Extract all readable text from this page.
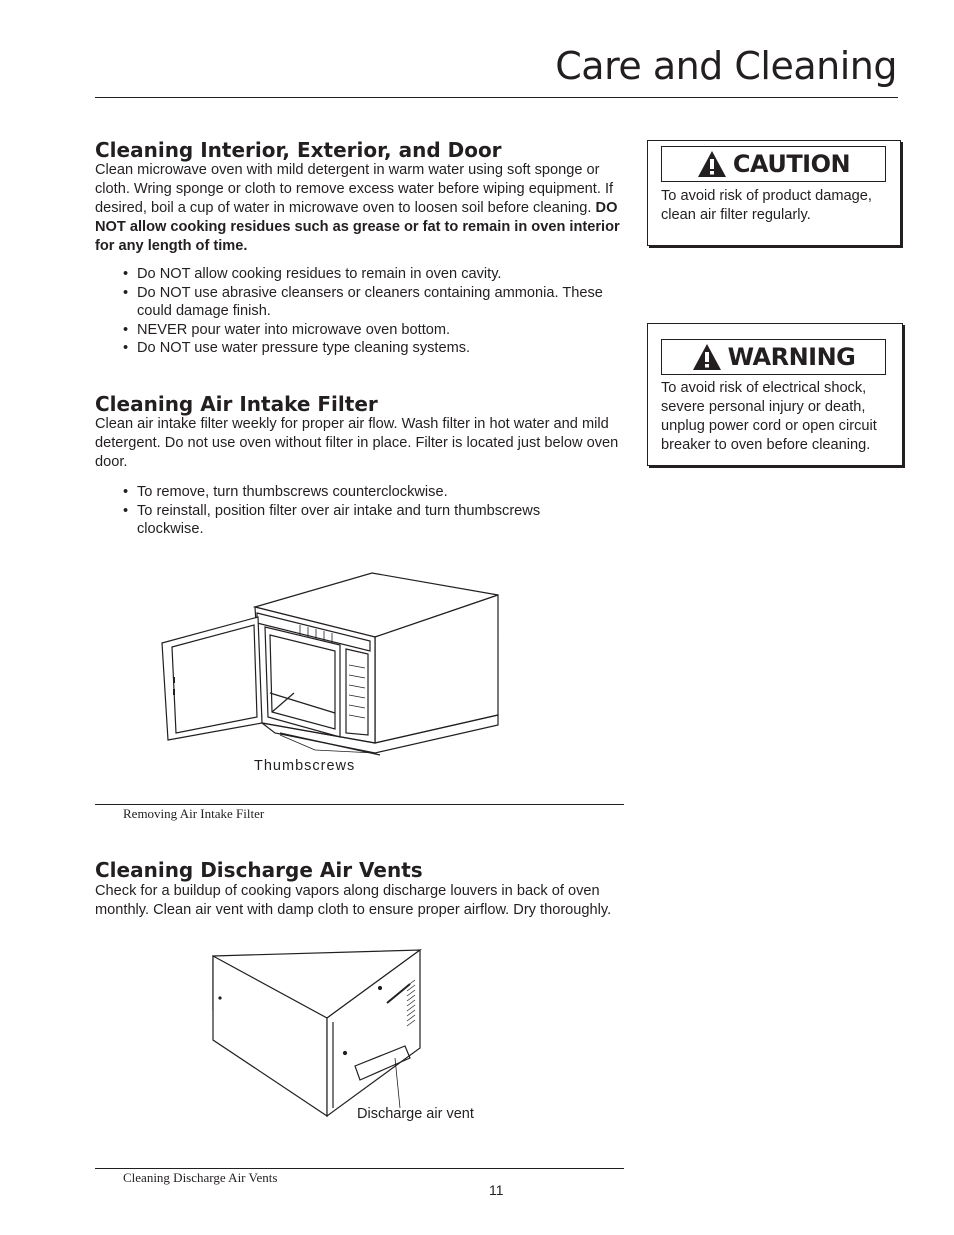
Care and Cleaning
Cleaning Interior, Exterior, and Door

Clean microwave oven with mild detergent in warm water using soft sponge or cloth. Wring sponge or cloth to remove excess water before wiping equipment. If desired, boil a cup of water in microwave oven to loosen soil before cleaning. DO NOT allow cooking residues such as grease or fat to remain in oven interior for any length of time.

• Do NOT allow cooking residues to remain in oven cavity.
• Do NOT use abrasive cleansers or cleaners containing ammonia. These could damage finish.
• NEVER pour water into microwave oven bottom.
• Do NOT use water pressure type cleaning systems.
Cleaning Air Intake Filter

Clean air intake filter weekly for proper air flow. Wash filter in hot water and mild detergent. Do not use oven without filter in place. Filter is located just below oven door.

• To remove, turn thumbscrews counterclockwise.
• To reinstall, position filter over air intake and turn thumbscrews clockwise.
Thumbscrews
Removing Air Intake Filter
Cleaning Discharge Air Vents

Check for a buildup of cooking vapors along discharge louvers in back of oven monthly. Clean air vent with damp cloth to ensure proper airflow. Dry thoroughly.

Discharge air vent
Cleaning Discharge Air Vents
CAUTION
To avoid risk of product damage, clean air filter regularly.
WARNING
To avoid risk of electrical shock, severe personal injury or death, unplug power cord or open circuit breaker to oven before cleaning.
11
